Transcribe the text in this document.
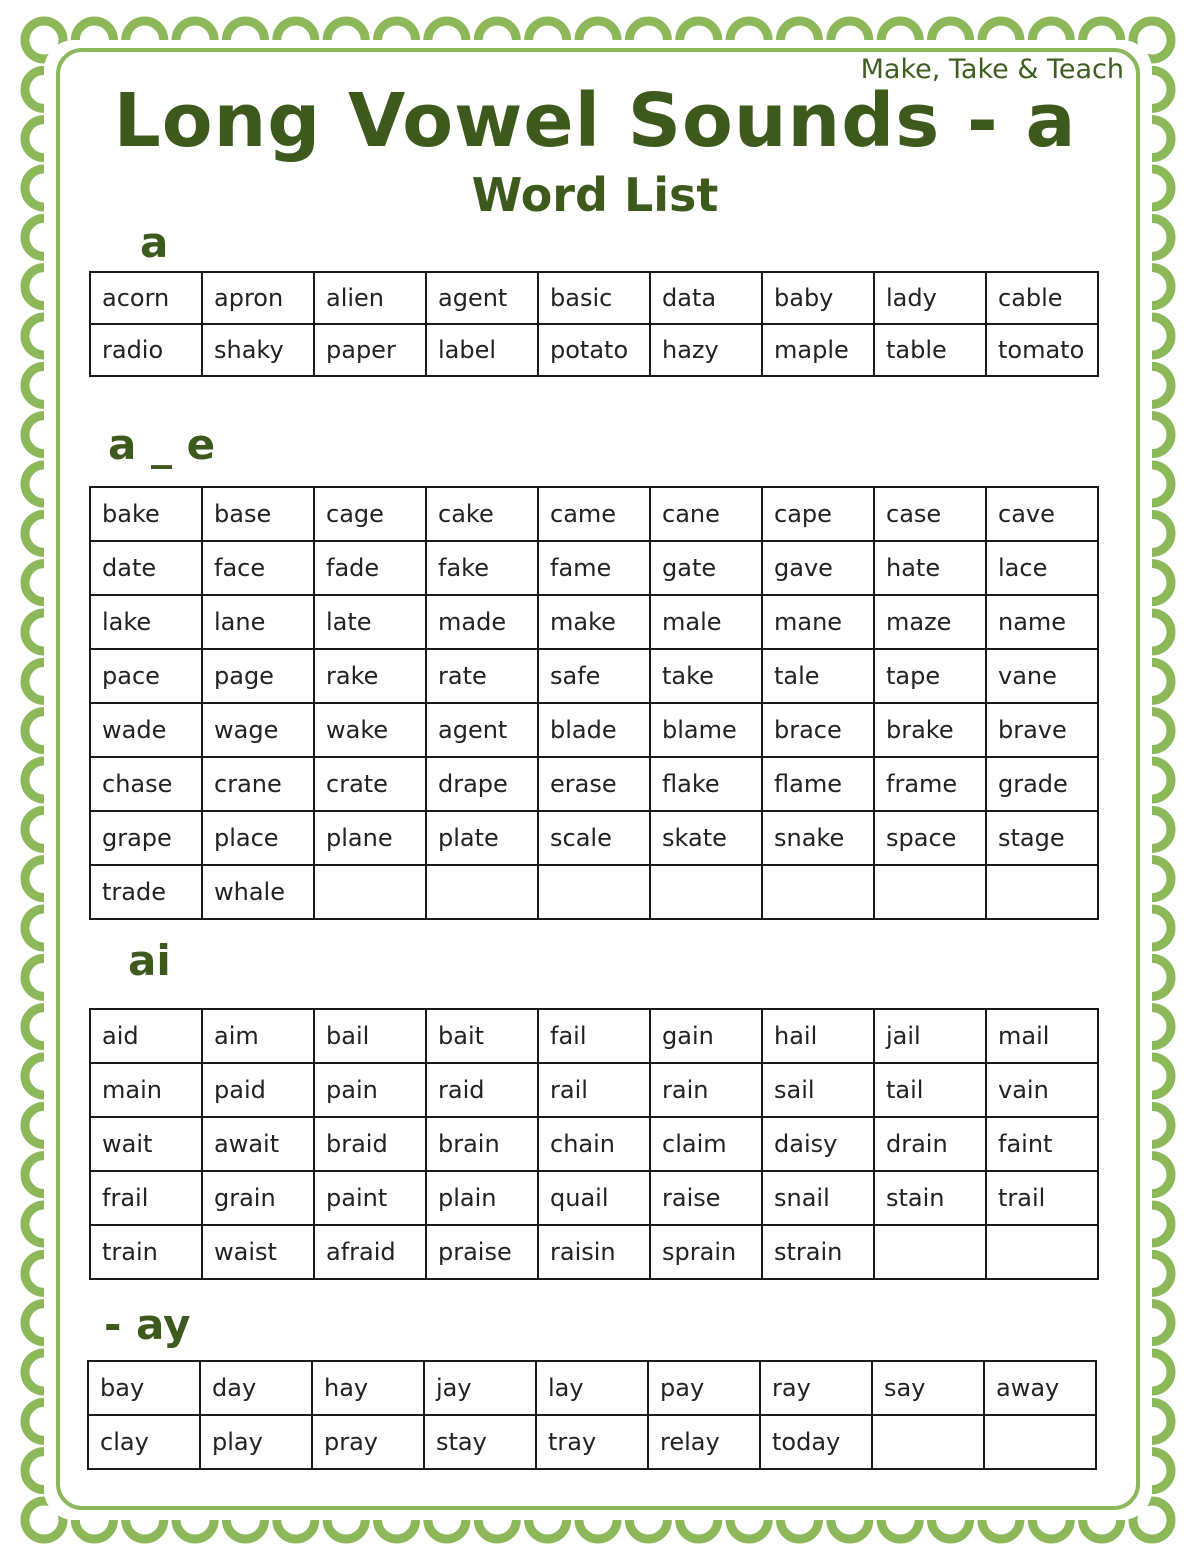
Make, Take & Teach
Long Vowel Sounds - a
Word List
a
acorn	apron	alien	agent	basic	data	baby	lady	cable
radio	shaky	paper	label	potato	hazy	maple	table	tomato
a _ e
bake	base	cage	cake	came	cane	cape	case	cave
date	face	fade	fake	fame	gate	gave	hate	lace
lake	lane	late	made	make	male	mane	maze	name
pace	page	rake	rate	safe	take	tale	tape	vane
wade	wage	wake	agent	blade	blame	brace	brake	brave
chase	crane	crate	drape	erase	flake	flame	frame	grade
grape	place	plane	plate	scale	skate	snake	space	stage
trade	whale							
ai
aid	aim	bail	bait	fail	gain	hail	jail	mail
main	paid	pain	raid	rail	rain	sail	tail	vain
wait	await	braid	brain	chain	claim	daisy	drain	faint
frail	grain	paint	plain	quail	raise	snail	stain	trail
train	waist	afraid	praise	raisin	sprain	strain		
- ay
bay	day	hay	jay	lay	pay	ray	say	away
clay	play	pray	stay	tray	relay	today		
